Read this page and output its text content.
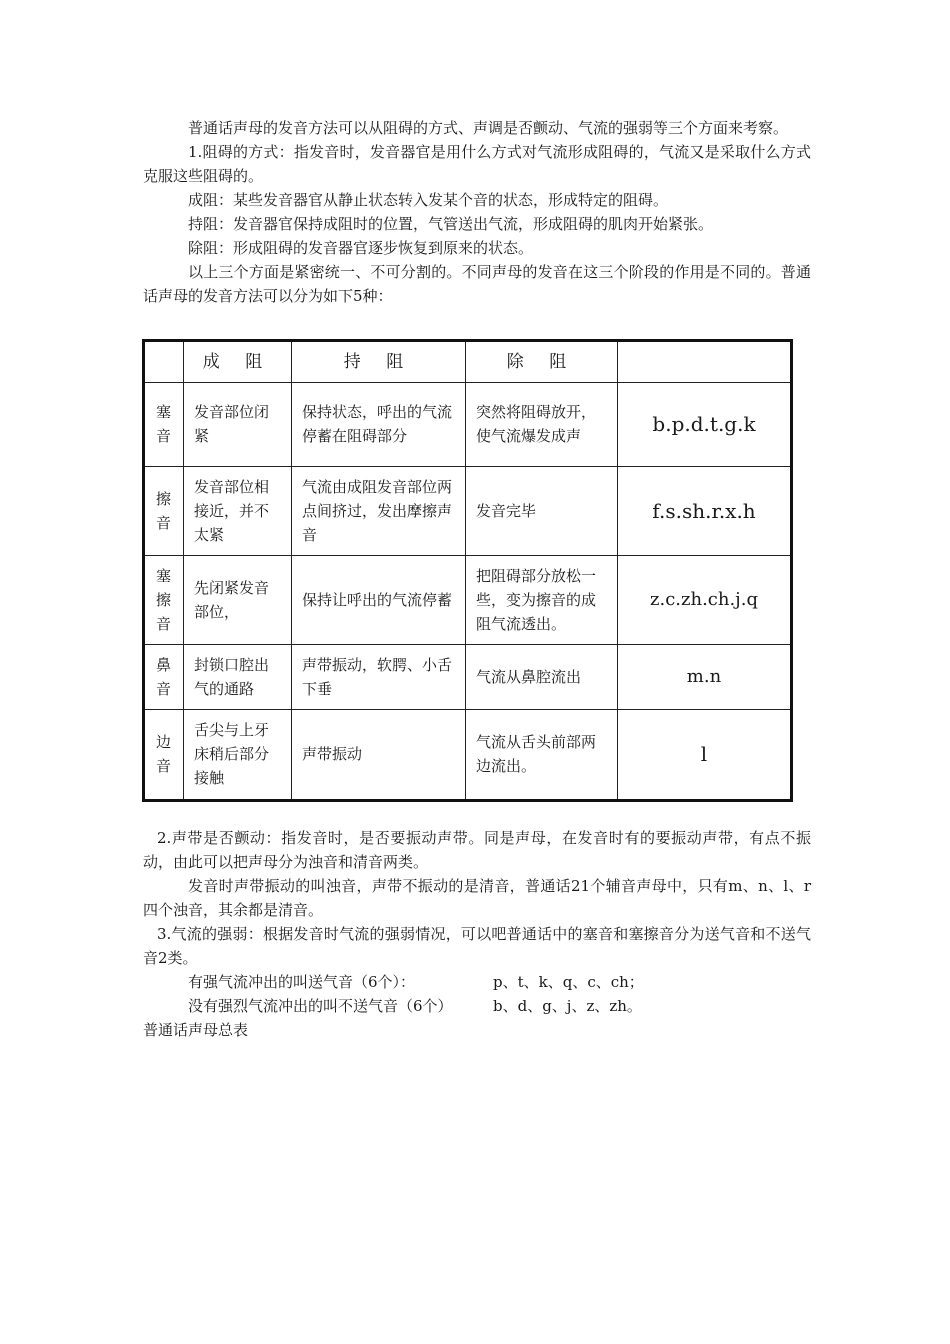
普通话声母的发音方法可以从阻碍的方式、声调是否颤动、气流的强弱等三个方面来考察。

1.阻碍的方式：指发音时，发音器官是用什么方式对气流形成阻碍的，气流又是采取什么方式克服这些阻碍的。

成阻：某些发音器官从静止状态转入发某个音的状态，形成特定的阻碍。

持阻：发音器官保持成阻时的位置，气管送出气流，形成阻碍的肌肉开始紧张。

除阻：形成阻碍的发音器官逐步恢复到原来的状态。

以上三个方面是紧密统一、不可分割的。不同声母的发音在这三个阶段的作用是不同的。普通话声母的发音方法可以分为如下5种：

	成 阻	持 阻	除 阻	

塞
音	发音部位闭紧	保持状态，呼出的气流停蓄在阻碍部分	突然将阻碍放开，使气流爆发成声	b.p.d.t.g.k

擦
音	发音部位相接近，并不太紧	气流由成阻发音部位两点间挤过，发出摩擦声音	发音完毕	f.s.sh.r.x.h

塞
擦
音	先闭紧发音部位，	保持让呼出的气流停蓄	把阻碍部分放松一些，变为擦音的成阻气流透出。	z.c.zh.ch.j.q

鼻
音	封锁口腔出气的通路	声带振动，软腭、小舌下垂	气流从鼻腔流出	m.n

边
音	舌尖与上牙床稍后部分接触	声带振动	气流从舌头前部两边流出。	l

2.声带是否颤动：指发音时，是否要振动声带。同是声母，在发音时有的要振动声带，有点不振动，由此可以把声母分为浊音和清音两类。

发音时声带振动的叫浊音，声带不振动的是清音，普通话21个辅音声母中，只有m、n、l、r四个浊音，其余都是清音。

3.气流的强弱：根据发音时气流的强弱情况，可以吧普通话中的塞音和塞擦音分为送气音和不送气音2类。

有强气流冲出的叫送气音（6个）：	p、t、k、q、c、ch；
没有强烈气流冲出的叫不送气音（6个）	b、d、g、j、z、zh。

普通话声母总表
